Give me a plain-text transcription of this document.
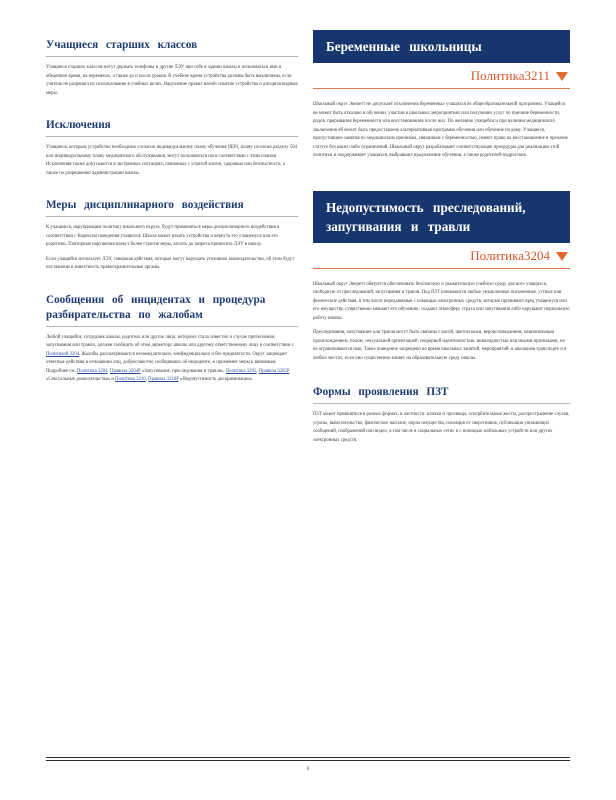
Учащиеся старших классов

Учащиеся старших классов могут держать телефоны и другие ЛЭУ при себе в здании школы и пользоваться ими в обеденное время, на переменах, а также до и после уроков. В учебное время устройства должны быть выключены, если учитель не разрешил их использование в учебных целях. Нарушение правил влечёт изъятие устройства и дисциплинарные меры.

Исключения

Учащиеся, которым устройство необходимо согласно индивидуальному плану обучения (IEP), плану согласно разделу 504 или индивидуальному плану медицинского обслуживания, могут пользоваться им в соответствии с этим планом. Исключения также допускаются в экстренных ситуациях, связанных с угрозой жизни, здоровью или безопасности, а также по разрешению администрации школы.

Меры дисциплинарного воздействия

К учащимся, нарушающим политику школьного округа, будут применяться меры дисциплинарного воздействия в соответствии с Кодексом поведения учащихся. Школа может изъять устройство и вернуть его учащемуся или его родителю. Повторные нарушения влекут более строгие меры, вплоть до запрета приносить ЛЭУ в школу.

Если учащийся использует ЛЭУ, совершая действия, которые могут нарушать уголовное законодательство, об этом будут поставлены в известность правоохранительные органы.

Сообщения об инцидентах и процедура разбирательства по жалобам

Любой учащийся, сотрудник школы, родитель или другое лицо, которому стало известно о случае притеснения, запугивания или травли, должен сообщить об этом директору школы или другому ответственному лицу в соответствии с Политикой 3204. Жалобы рассматриваются незамедлительно, конфиденциально и без предвзятости. Округ запрещает ответные действия в отношении лиц, добросовестно сообщивших об инциденте, и применяет меры к виновным. Подробнее см. Политика 3204, Правила 3204P «Запугивание, преследования и травля», Политика 3205, Правила 3205P «Сексуальные домогательства» и Политика 3210, Правила 3210P «Недопустимость дискриминации».

Беременные школьницы
Политика3211

Школьный округ Эверетт не допускает исключения беременных учащихся из общеобразовательной программы. Учащейся не может быть отказано в обучении, участии в школьных мероприятиях или получении услуг по причине беременности, родов, прерывания беременности или восстановления после них. По желанию учащейся и при наличии медицинского заключения ей может быть предоставлена альтернативная программа обучения или обучение на дому. Учащиеся, пропустившие занятия по медицинским причинам, связанным с беременностью, имеют право на восстановление в прежнем статусе без каких-либо ограничений. Школьный округ разрабатывает соответствующие процедуры для реализации этой политики и поддерживает учащихся, выбравших продолжение обучения, а также родителей-подростков.

Недопустимость преследований, запугивания и травли
Политика3204

Школьный округ Эверетт обязуется обеспечивать безопасную и уважительную учебную среду для всех учащихся, свободную от преследований, запугивания и травли. Под ПЗТ понимаются любые умышленные письменные, устные или физические действия, в том числе передаваемые с помощью электронных средств, которые причиняют вред учащемуся или его имуществу, существенно мешают его обучению, создают атмосферу страха или запугивания либо нарушают нормальную работу школы.

Преследования, запугивание или травля могут быть связаны с расой, цветом кожи, вероисповеданием, национальным происхождением, полом, сексуальной ориентацией, гендерной идентичностью, инвалидностью или иными признаками, но не ограничиваются ими. Такое поведение запрещено во время школьных занятий, мероприятий, в школьном транспорте и в любых местах, если оно существенно влияет на образовательную среду школы.

Формы проявления ПЗТ

ПЗТ может проявляться в разных формах, в частности: клички и прозвища, оскорбительные жесты, распространение слухов, угрозы, вымогательство, физическое насилие, порча имущества, изоляция от сверстников, публикация унижающих сообщений, изображений или видео, в том числе в социальных сетях и с помощью мобильных устройств или других электронных средств.

8
